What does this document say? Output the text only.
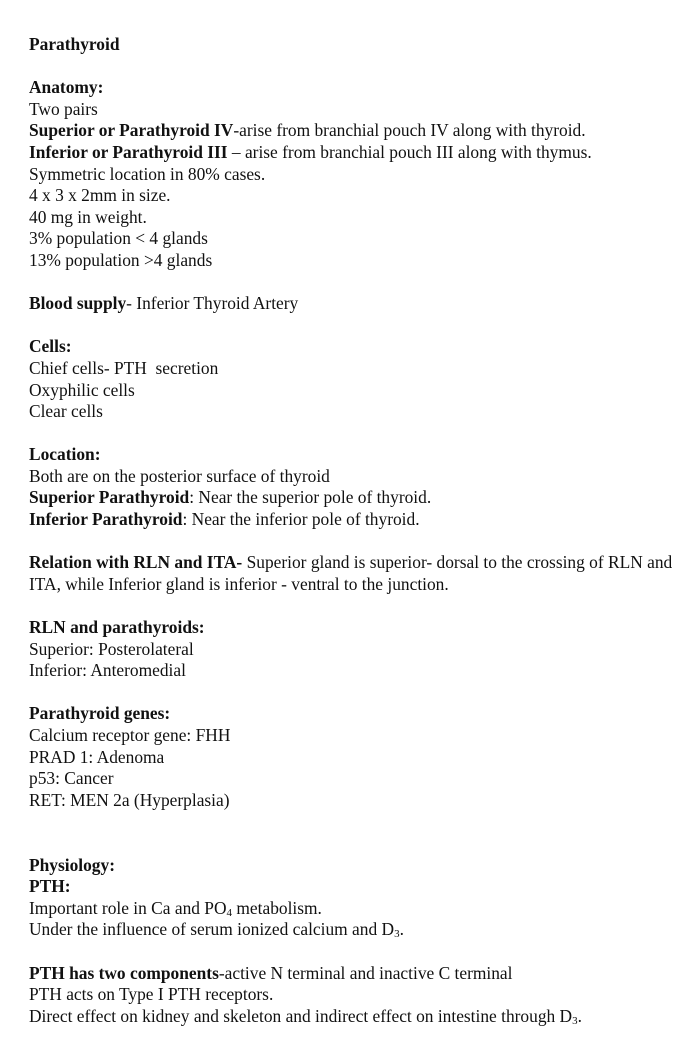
Parathyroid

Anatomy:

Two pairs

Superior or Parathyroid IV-arise from branchial pouch IV along with thyroid.

Inferior or Parathyroid III – arise from branchial pouch III along with thymus.

Symmetric location in 80% cases.

4 x 3 x 2mm in size.

40 mg in weight.

3% population < 4 glands

13% population >4 glands

Blood supply- Inferior Thyroid Artery

Cells:

Chief cells- PTH  secretion

Oxyphilic cells

Clear cells

Location:

Both are on the posterior surface of thyroid

Superior Parathyroid: Near the superior pole of thyroid.

Inferior Parathyroid: Near the inferior pole of thyroid.

Relation with RLN and ITA- Superior gland is superior- dorsal to the crossing of RLN and ITA, while Inferior gland is inferior - ventral to the junction.

RLN and parathyroids:

Superior: Posterolateral

Inferior: Anteromedial

Parathyroid genes:

Calcium receptor gene: FHH

PRAD 1: Adenoma

p53: Cancer

RET: MEN 2a (Hyperplasia)

Physiology:

PTH:

Important role in Ca and PO4 metabolism.

Under the influence of serum ionized calcium and D3.

PTH has two components-active N terminal and inactive C terminal

PTH acts on Type I PTH receptors.

Direct effect on kidney and skeleton and indirect effect on intestine through D3.
